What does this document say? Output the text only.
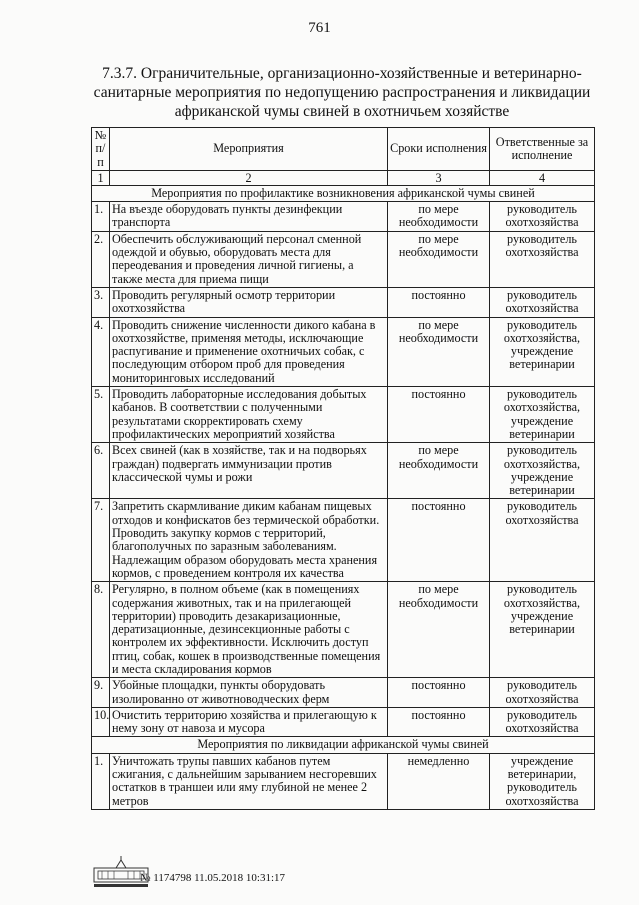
761
7.3.7. Ограничительные, организационно-хозяйственные и ветеринарно-санитарные мероприятия по недопущению распространения и ликвидации африканской чумы свиней в охотничьем хозяйстве
№ п/п	Мероприятия	Сроки исполнения	Ответственные за исполнение
1	2	3	4
Мероприятия по профилактике возникновения африканской чумы свиней			
1.	На въезде оборудовать пункты дезинфекции транспорта	по мере необходимости	руководитель охотхозяйства
2.	Обеспечить обслуживающий персонал сменной одеждой и обувью, оборудовать места для переодевания и проведения личной гигиены, а также места для приема пищи	по мере необходимости	руководитель охотхозяйства
3.	Проводить регулярный осмотр территории охотхозяйства	постоянно	руководитель охотхозяйства
4.	Проводить снижение численности дикого кабана в охотхозяйстве, применяя методы, исключающие распугивание и применение охотничьих собак, с последующим отбором проб для проведения мониторинговых исследований	по мере необходимости	руководитель охотхозяйства, учреждение ветеринарии
5.	Проводить лабораторные исследования добытых кабанов. В соответствии с полученными результатами скорректировать схему профилактических мероприятий хозяйства	постоянно	руководитель охотхозяйства, учреждение ветеринарии
6.	Всех свиней (как в хозяйстве, так и на подворьях граждан) подвергать иммунизации против классической чумы и рожи	по мере необходимости	руководитель охотхозяйства, учреждение ветеринарии
7.	Запретить скармливание диким кабанам пищевых отходов и конфискатов без термической обработки. Проводить закупку кормов с территорий, благополучных по заразным заболеваниям. Надлежащим образом оборудовать места хранения кормов, с проведением контроля их качества	постоянно	руководитель охотхозяйства
8.	Регулярно, в полном объеме (как в помещениях содержания животных, так и на прилегающей территории) проводить дезакаризационные, дератизационные, дезинсекционные работы с контролем их эффективности. Исключить доступ птиц, собак, кошек в производственные помещения и места складирования кормов	по мере необходимости	руководитель охотхозяйства, учреждение ветеринарии
9.	Убойные площадки, пункты оборудовать изолированно от животноводческих ферм	постоянно	руководитель охотхозяйства
10.	Очистить территорию хозяйства и прилегающую к нему зону от навоза и мусора	постоянно	руководитель охотхозяйства
Мероприятия по ликвидации африканской чумы свиней			
1.	Уничтожать трупы павших кабанов путем сжигания, с дальнейшим зарыванием несгоревших остатков в траншеи или яму глубиной не менее 2 метров	немедленно	учреждение ветеринарии, руководитель охотхозяйства
№ 1174798 11.05.2018 10:31:17
